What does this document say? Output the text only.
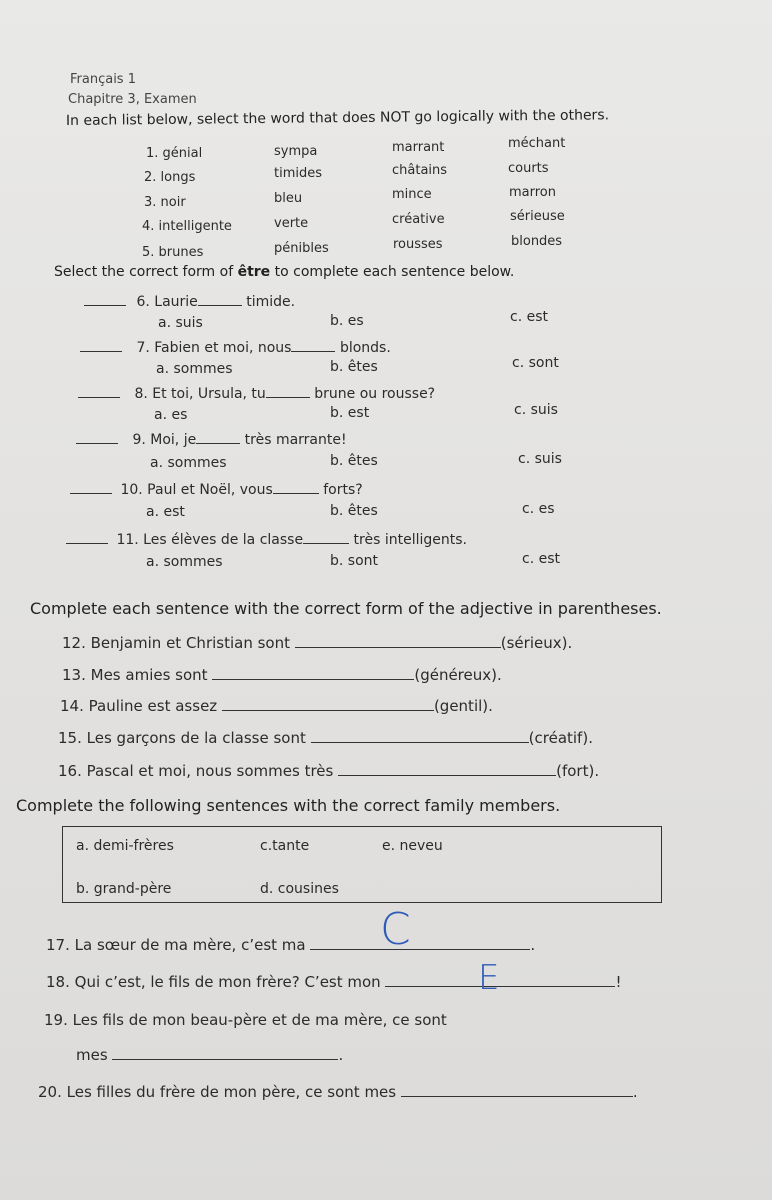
Français 1
Chapitre 3, Examen
In each list below, select the word that does NOT go logically with the others.
1. génial	sympa	marrant	méchant
2. longs	timides	châtains	courts
3. noir	bleu	mince	marron
4. intelligente	verte	créative	sérieuse
5. brunes	pénibles	rousses	blondes
Select the correct form of être to complete each sentence below.
6. Laurie	timide.
a. suis	b. es	c. est
7. Fabien et moi, nous	blonds.
a. sommes	b. êtes	c. sont
8. Et toi, Ursula, tu	brune ou rousse?
a. es	b. est	c. suis
9. Moi, je	très marrante!
a. sommes	b. êtes	c. suis
10. Paul et Noël, vous	forts?
a. est	b. êtes	c. es
11. Les élèves de la classe	très intelligents.
a. sommes	b. sont	c. est
Complete each sentence with the correct form of the adjective in parentheses.
12. Benjamin et Christian sont	(sérieux).
13. Mes amies sont	(généreux).
14. Pauline est assez	(gentil).
15. Les garçons de la classe sont	(créatif).
16. Pascal et moi, nous sommes très	(fort).
Complete the following sentences with the correct family members.
a. demi-frères	c.tante	e. neveu
b. grand-père	d. cousines
17. La sœur de ma mère, c’est ma	.
C
18. Qui c’est, le fils de mon frère? C’est mon	!
E
19. Les fils de mon beau-père et de ma mère, ce sont
mes	.
20. Les filles du frère de mon père, ce sont mes	.
